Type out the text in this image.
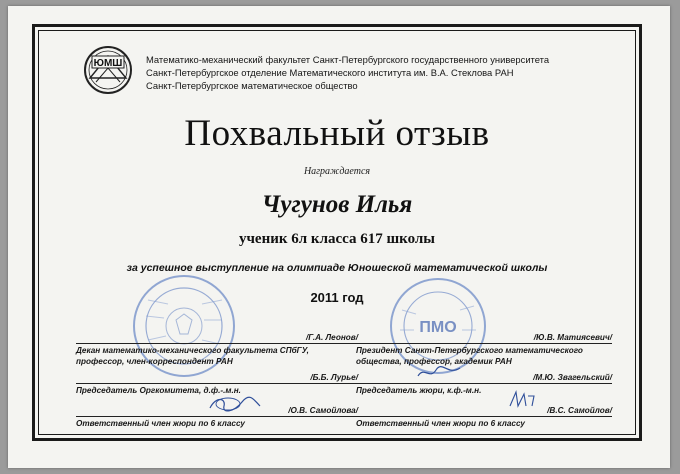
ЮМШ	Математико-механический факультет Санкт-Петербургского государственного университета
Санкт-Петербургское отделение Математического института им. В.А. Стеклова РАН
Санкт-Петербургское математическое общество
Похвальный отзыв
Награждается
Чугунов Илья
ученик 6л класса 617 школы
за успешное выступление на олимпиаде Юношеской математической школы
2011 год
ПМО
/Г.А. Леонов/
Декан математико-механического факультета СПбГУ,
профессор, член-корреспондент РАН
/Б.Б. Лурье/
Председатель Оргкомитета, д.ф.-.м.н.
/О.В. Самойлова/
Ответственный член жюри по 6 классу
/Ю.В. Матиясевич/
Президент Санкт-Петербургского математического
общества, профессор, академик РАН
/М.Ю. Звагельский/
Председатель жюри, к.ф.-м.н.
/В.С. Самойлов/
Ответственный член жюри по 6 классу
